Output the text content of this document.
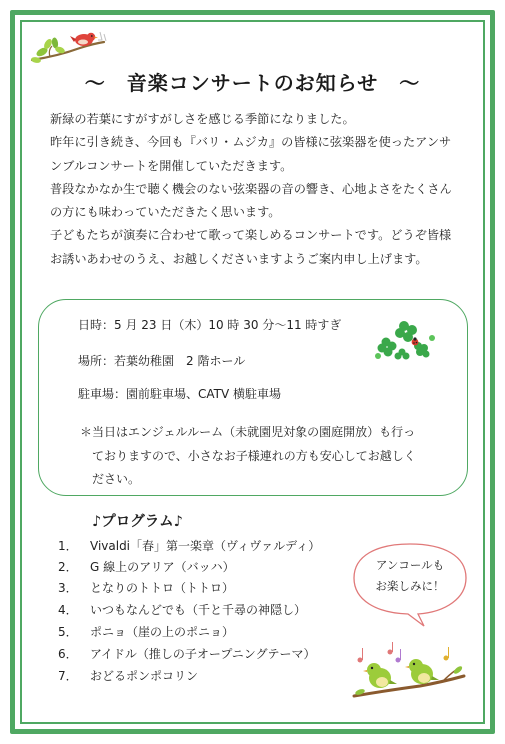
〜　音楽コンサートのお知らせ　〜

新緑の若葉にすがすがしさを感じる季節になりました。

昨年に引き続き、今回も『バリ・ムジカ』の皆様に弦楽器を使ったアンサンブルコンサートを開催していただきます。

普段なかなか生で聴く機会のない弦楽器の音の響き、心地よさをたくさんの方にも味わっていただきたく思います。

子どもたちが演奏に合わせて歌って楽しめるコンサートです。どうぞ皆様お誘いあわせのうえ、お越しくださいますようご案内申し上げます。

日時：5 月 23 日（木）10 時 30 分〜11 時すぎ
場所：若葉幼稚園　2 階ホール
駐車場：園前駐車場、CATV 横駐車場

＊当日はエンジェルルーム（未就園児対象の園庭開放）も行っ

ておりますので、小さなお子様連れの方も安心してお越しく

ださい。

♪プログラム♪
1． Vivaldi「春」第一楽章（ヴィヴァルディ）
2． G 線上のアリア（バッハ）
3． となりのトトロ（トトロ）
4． いつもなんどでも（千と千尋の神隠し）
5． ポニョ（崖の上のポニョ）
6． アイドル（推しの子オープニングテーマ）
7． おどるポンポコリン
アンコールも
お楽しみに！
